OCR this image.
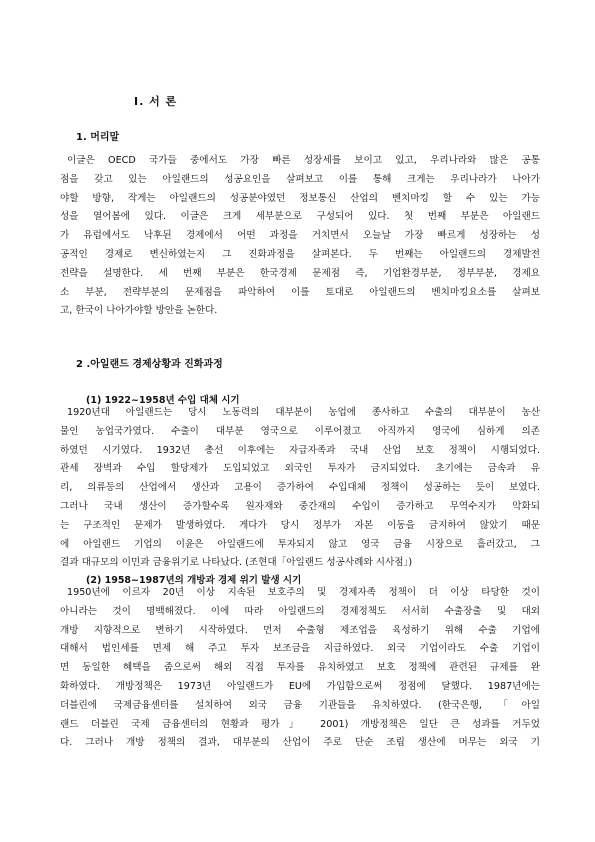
Ⅰ. 서 론
1. 머리말
이글은 OECD 국가들 중에서도 가장 빠른 성장세를 보이고 있고, 우리나라와 많은 공통
점을 갖고 있는 아일랜드의 성공요인을 살펴보고 이를 통해 크게는 우리나라가 나아가
야할 방향, 작게는 아일랜드의 성공분야였던 정보통신 산업의 벤치마킹 할 수 있는 가능
성을 열어봄에 있다. 이글은 크게 세부분으로 구성되어 있다. 첫 번째 부분은 아일랜드
가 유럽에서도 낙후된 경제에서 어떤 과정을 거치면서 오늘날 가장 빠르게 성장하는 성
공적인 경제로 변신하였는지 그 진화과정을 살펴본다. 두 번째는 아일랜드의 경제발전
전략을 설명한다. 세 번째 부분은 한국경제 문제점 즉, 기업환경부분, 정부부분, 경제요
소 부분, 전략부분의 문제점을 파악하여 이를 토대로 아일랜드의 벤치마킹요소를 살펴보
고, 한국이 나아가야할 방안을 논한다.
2 .아일랜드 경제상황과 진화과정
(1) 1922~1958년 수입 대체 시기
1920년대 아일랜드는 당시 노동력의 대부분이 농업에 종사하고 수출의 대부분이 농산
물인 농업국가였다. 수출이 대부분 영국으로 이루어졌고 아직까지 영국에 심하게 의존
하였던 시기였다. 1932년 총선 이후에는 자급자족과 국내 산업 보호 정책이 시행되었다.
관세 장벽과 수입 할당제가 도입되었고 외국인 투자가 금지되었다. 초기에는 금속과 유
리, 의류등의 산업에서 생산과 고용이 증가하여 수입대체 정책이 성공하는 듯이 보였다.
그러나 국내 생산이 증가할수록 원자재와 중간재의 수입이 증가하고 무역수지가 악화되
는 구조적인 문제가 발생하였다. 게다가 당시 정부가 자본 이동을 금지하여 않았기 때문
에 아일랜드 기업의 이윤은 아일랜드에 투자되지 않고 영국 금융 시장으로 흘러갔고, 그
결과 대규모의 이민과 금융위기로 나타났다. (조현대「아일랜드 성공사례와 시사점」)
(2) 1958~1987년의 개방과 경제 위기 발생 시기
1950년에 이르자 20년 이상 지속된 보호주의 및 경제자족 정책이 더 이상 타당한 것이
아니라는 것이 명백해졌다. 이에 따라 아일랜드의 경제정책도 서서히 수출장출 및 대외
개방 지향적으로 변하기 시작하였다. 먼저 수출형 제조업을 육성하기 위해 수출 기업에
대해서 법인세를 면제 해 주고 투자 보조금을 지급하였다. 외국 기업이라도 수출 기업이
면 동일한 혜택을 줌으로써 해외 직접 투자를 유치하였고 보호 정책에 관련된 규제를 완
화하였다. 개방정책은 1973년 아일랜드가 EU에 가입함으로써 정점에 달했다. 1987년에는
더블린에 국제금융센터를 설치하여 외국 금융 기관들을 유치하였다. (한국은행, 「아일
랜드 더블린 국제 금융센터의 현황과 평가」 2001) 개방정책은 일단 큰 성과를 거두었
다. 그러나 개방 정책의 결과, 대부분의 산업이 주로 단순 조립 생산에 머무는 외국 기
